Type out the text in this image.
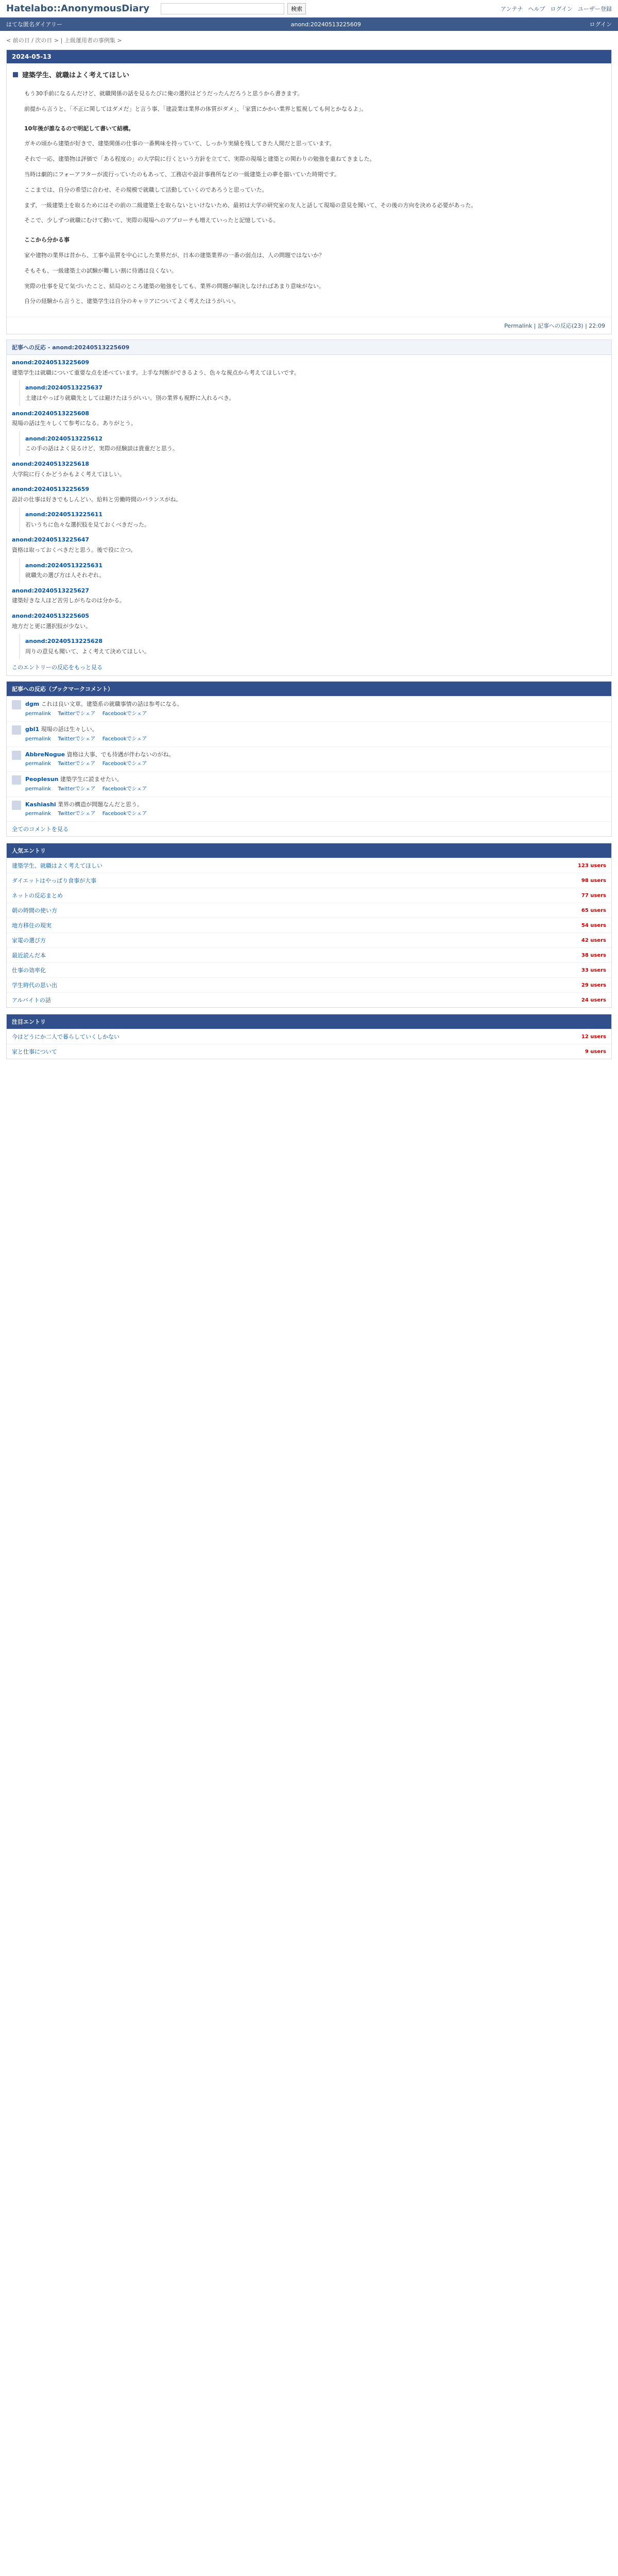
Hatelabo::AnonymousDiary	検索	アンテナ ヘルプ ログイン ユーザー登録
はてな匿名ダイアリー	anond:20240513225609	ログイン
< 前の日 / 次の日 > | 上級運用者の事例集 >
2024-05-13
建築学生、就職はよく考えてほしい

もう30手前になるんだけど、就職関係の話を見るたびに俺の選択はどうだったんだろうと思うから書きます。

前提から言うと、「不正に関してはダメだ」と言う事、「建設業は業界の体質がダメ」、「家賃にかかい業界と監視しても何とかなるよ」。

10年後が誰なるので明記して書いて結構。

ガキの頃から建築が好きで、建築関係の仕事の一番興味を持っていて、しっかり実績を残してきた人間だと思っています。

それで一応、建築物は評価で「ある程度の」の大学院に行くという方針を立てて、実際の現場と建築との関わりの勉強を重ねてきました。

当時は劇的にフォーアフターが流行っていたのもあって、工務店や設計事務所などの一級建築士の夢を描いていた時期です。

ここまでは、自分の希望に合わせ、その規模で就職して活動していくのであろうと思っていた。

まず、一級建築士を取るためにはその前の二級建築士を取らないといけないため、最初は大学の研究室の友人と話して現場の意見を聞いて、その後の方向を決める必要があった。

そこで、少しずつ就職にむけて動いて、実際の現場へのアプローチも増えていったと記憶している。

ここから分かる事

家や建物の業界は昔から、工事や品質を中心にした業界だが、日本の建築業界の一番の弱点は、人の問題ではないか？

そもそも、一級建築士の試験が難しい割に待遇は良くない。

実際の仕事を見て気づいたこと、結局のところ建築の勉強をしても、業界の問題が解決しなければあまり意味がない。

自分の経験から言うと、建築学生は自分のキャリアについてよく考えたほうがいい。

Permalink | 記事への反応(23) | 22:09
記事への反応 - anond:20240513225609
anond:20240513225609
建築学生は就職について重要な点を述べています。上手な判断ができるよう、色々な視点から考えてほしいです。
anond:20240513225637
土建はやっぱり就職先としては避けたほうがいい。別の業界も視野に入れるべき。
anond:20240513225608
現場の話は生々しくて参考になる。ありがとう。
anond:20240513225612
この手の話はよく見るけど、実際の経験談は貴重だと思う。
anond:20240513225618
大学院に行くかどうかもよく考えてほしい。
anond:20240513225659
設計の仕事は好きでもしんどい。給料と労働時間のバランスがね。
anond:20240513225611
若いうちに色々な選択肢を見ておくべきだった。
anond:20240513225647
資格は取っておくべきだと思う。後で役に立つ。
anond:20240513225631
就職先の選び方は人それぞれ。
anond:20240513225627
建築好きな人ほど苦労しがちなのは分かる。
anond:20240513225605
地方だと更に選択肢が少ない。
anond:20240513225628
周りの意見も聞いて、よく考えて決めてほしい。
このエントリーの反応をもっと見る
記事への反応（ブックマークコメント）
dgm これは良い文章。建築系の就職事情の話は参考になる。
permalink Twitterでシェア Facebookでシェア
gbl1 現場の話は生々しい。
permalink Twitterでシェア Facebookでシェア
AbbreNogue 資格は大事、でも待遇が伴わないのがね。
permalink Twitterでシェア Facebookでシェア
Peoplesun 建築学生に読ませたい。
permalink Twitterでシェア Facebookでシェア
Kashiashi 業界の構造が問題なんだと思う。
permalink Twitterでシェア Facebookでシェア
全てのコメントを見る
人気エントリ
建築学生、就職はよく考えてほしい	123 users
ダイエットはやっぱり食事が大事	98 users
ネットの反応まとめ	77 users
朝の時間の使い方	65 users
地方移住の現実	54 users
家電の選び方	42 users
最近読んだ本	38 users
仕事の効率化	33 users
学生時代の思い出	29 users
アルバイトの話	24 users
注目エントリ
今はどうにか二人で暮らしていくしかない	12 users
家と仕事について	9 users
